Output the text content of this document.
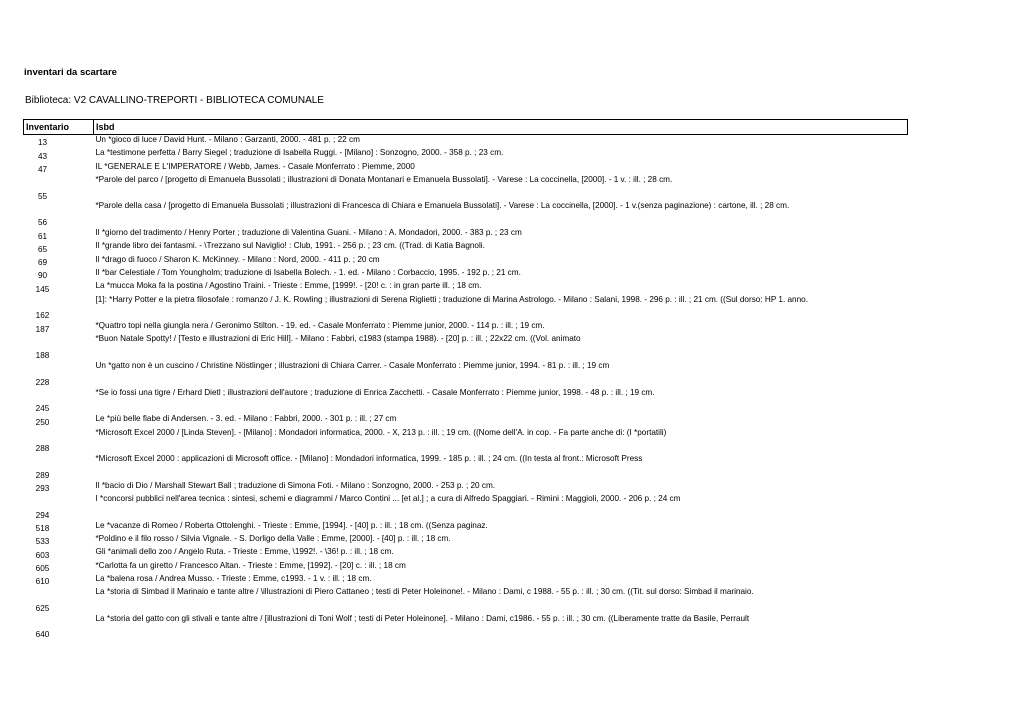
inventari da scartare
Biblioteca: V2 CAVALLINO-TREPORTI - BIBLIOTECA COMUNALE
Inventario	Isbd
13	Un *gioco di luce / David Hunt. - Milano : Garzanti, 2000. - 481 p. ; 22 cm
43	La *testimone perfetta / Barry Siegel ; traduzione di Isabella Ruggi. - [Milano] : Sonzogno, 2000. - 358 p. ; 23 cm.
47	IL *GENERALE E L'IMPERATORE / Webb, James. - Casale Monferrato : Piemme, 2000
55	*Parole del parco / [progetto di Emanuela Bussolati ; illustrazioni di Donata Montanari e Emanuela Bussolati]. - Varese : La coccinella, [2000]. - 1 v. : ill. ; 28 cm.
56	*Parole della casa / [progetto di Emanuela Bussolati ; illustrazioni di Francesca di Chiara e Emanuela Bussolati]. - Varese : La coccinella, [2000]. - 1 v.(senza paginazione) : cartone, ill. ; 28 cm.
61	Il *giorno del tradimento / Henry Porter ; traduzione di Valentina Guani. - Milano : A. Mondadori, 2000. - 383 p. ; 23 cm
65	Il *grande libro dei fantasmi. - \Trezzano sul Naviglio! : Club, 1991. - 256 p. ; 23 cm. ((Trad. di Katia Bagnoli.
69	Il *drago di fuoco / Sharon K. McKinney. - Milano : Nord, 2000. - 411 p. ; 20 cm
90	Il *bar Celestiale / Tom Youngholm; traduzione di Isabella Bolech. - 1. ed. - Milano : Corbaccio, 1995. - 192 p. ; 21 cm.
145	La *mucca Moka fa la postina / Agostino Traini. - Trieste : Emme, [1999!. - [20! c. : in gran parte ill. ; 18 cm.
162	[1]: *Harry Potter e la pietra filosofale : romanzo / J. K. Rowling ; illustrazioni di Serena Riglietti ; traduzione di Marina Astrologo. - Milano : Salani, 1998. - 296 p. : ill. ; 21 cm. ((Sul dorso: HP 1. anno.
187	*Quattro topi nella giungla nera / Geronimo Stilton. - 19. ed. - Casale Monferrato : Piemme junior, 2000. - 114 p. : ill. ; 19 cm.
188	*Buon Natale Spotty! / [Testo e illustrazioni di Eric Hill]. - Milano : Fabbri, c1983 (stampa 1988). - [20] p. : ill. ; 22x22 cm. ((Vol. animato
228	Un *gatto non è un cuscino / Christine Nöstlinger ; illustrazioni di Chiara Carrer. - Casale Monferrato : Piemme junior, 1994. - 81 p. : ill. ; 19 cm
245	*Se io fossi una tigre / Erhard Dietl ; illustrazioni dell'autore ; traduzione di Enrica Zacchetti. - Casale Monferrato : Piemme junior, 1998. - 48 p. : ill. ; 19 cm.
250	Le *più belle fiabe di Andersen. - 3. ed. - Milano : Fabbri, 2000. - 301 p. : ill. ; 27 cm
288	*Microsoft Excel 2000 / [Linda Steven]. - [Milano] : Mondadori informatica, 2000. - X, 213 p. : ill. ; 19 cm. ((Nome dell'A. in cop. - Fa parte anche di: (I *portatili)
289	*Microsoft Excel 2000 : applicazioni di Microsoft office. - [Milano] : Mondadori informatica, 1999. - 185 p. : ill. ; 24 cm. ((In testa al front.: Microsoft Press
293	Il *bacio di Dio / Marshall Stewart Ball ; traduzione di Simona Foti. - Milano : Sonzogno, 2000. - 253 p. ; 20 cm.
294	I *concorsi pubblici nell'area tecnica : sintesi, schemi e diagrammi / Marco Contini ... [et al.] ; a cura di Alfredo Spaggiari. - Rimini : Maggioli, 2000. - 206 p. ; 24 cm
518	Le *vacanze di Romeo / Roberta Ottolenghi. - Trieste : Emme, [1994]. - [40] p. : ill. ; 18 cm. ((Senza paginaz.
533	*Poldino e il filo rosso / Silvia Vignale. - S. Dorligo della Valle : Emme, [2000]. - [40] p. : ill. ; 18 cm.
603	Gli *animali dello zoo / Angelo Ruta. - Trieste : Emme, \1992!. - \36! p. : ill. ; 18 cm.
605	*Carlotta fa un giretto / Francesco Altan. - Trieste : Emme, [1992]. - [20] c. : ill. ; 18 cm
610	La *balena rosa / Andrea Musso. - Trieste : Emme, c1993. - 1 v. : ill. ; 18 cm.
625	La *storia di Simbad il Marinaio e tante altre / \illustrazioni di Piero Cattaneo ; testi di Peter Holeinone!. - Milano : Dami, c 1988. - 55 p. : ill. ; 30 cm. ((Tit. sul dorso: Simbad il marinaio.
640	La *storia del gatto con gli stivali e tante altre / [illustrazioni di Toni Wolf ; testi di Peter Holeinone]. - Milano : Dami, c1986. - 55 p. : ill. ; 30 cm. ((Liberamente tratte da Basile, Perrault
